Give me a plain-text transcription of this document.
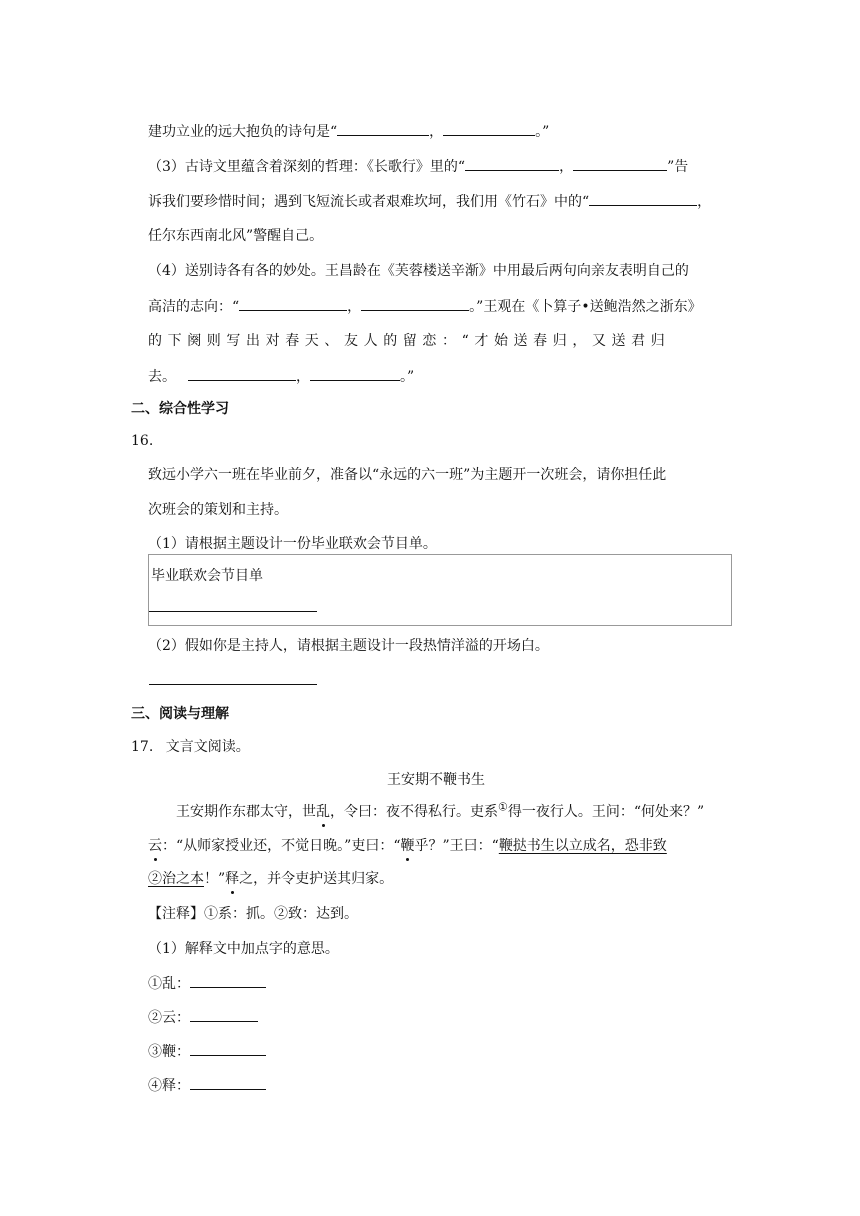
建功立业的远大抱负的诗句是“	，	。”
（3）古诗文里蕴含着深刻的哲理：《长歌行》里的“	，	”告
诉我们要珍惜时间；遇到飞短流长或者艰难坎坷，我们用《竹石》中的“	，
任尔东西南北风”警醒自己。
（4）送别诗各有各的妙处。王昌龄在《芙蓉楼送辛渐》中用最后两句向亲友表明自己的
高洁的志向：“	，	。”王观在《卜算子•送鲍浩然之浙东》
的下阕则写出对春天、友人的留恋：“才始送春归，又送君归
去。	，	。”
二、综合性学习
16.
致远小学六一班在毕业前夕，准备以“永远的六一班”为主题开一次班会，请你担任此
次班会的策划和主持。
（1）请根据主题设计一份毕业联欢会节目单。
毕业联欢会节目单
（2）假如你是主持人，请根据主题设计一段热情洋溢的开场白。
三、阅读与理解
17. 文言文阅读。
王安期不鞭书生
王安期作东郡太守，世乱，令曰：夜不得私行。吏系①得一夜行人。王问：“何处来？”
云：“从师家授业还，不觉日晚。”吏曰：“鞭乎？”王曰：“鞭挞书生以立成名，恐非致
②治之本！”释之，并令吏护送其归家。
【注释】①系：抓。②致：达到。
（1）解释文中加点字的意思。
①乱：
②云：
③鞭：
④释：
